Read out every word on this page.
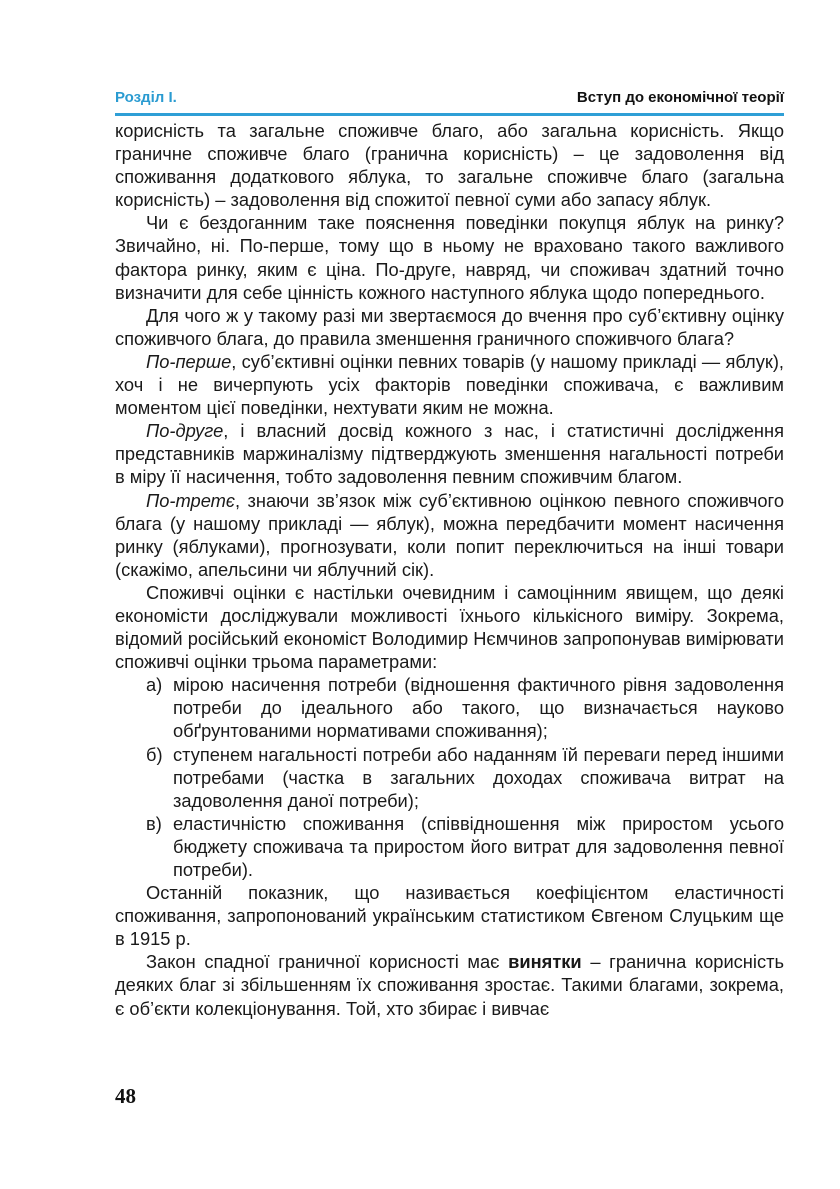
Розділ І.	Вступ до економічної теорії

корисність та загальне споживче благо, або загальна корисність. Якщо граничне споживче благо (гранична корисність) – це задоволення від споживання додаткового яблука, то загальне споживче благо (загальна корисність) – задоволення від спожитої певної суми або запасу яблук.

Чи є бездоганним таке пояснення поведінки покупця яблук на ринку? Звичайно, ні. По-перше, тому що в ньому не враховано такого важливого фактора ринку, яким є ціна. По-друге, навряд, чи споживач здатний точно визначити для себе цінність кожного наступного яблука щодо попереднього.

Для чого ж у такому разі ми звертаємося до вчення про суб’єктивну оцінку споживчого блага, до правила зменшення граничного споживчого блага?

По-перше, суб’єктивні оцінки певних товарів (у нашому прикладі — яблук), хоч і не вичерпують усіх факторів поведінки споживача, є важливим моментом цієї поведінки, нехтувати яким не можна.

По-друге, і власний досвід кожного з нас, і статистичні дослідження представників маржиналізму підтверджують зменшення нагальності потреби в міру її насичення, тобто задоволення певним споживчим благом.

По-третє, знаючи зв’язок між суб’єктивною оцінкою певного споживчого блага (у нашому прикладі — яблук), можна передбачити момент насичення ринку (яблуками), прогнозувати, коли попит переключиться на інші товари (скажімо, апельсини чи яблучний сік).

Споживчі оцінки є настільки очевидним і самоцінним явищем, що деякі економісти досліджували можливості їхнього кількісного виміру. Зокрема, відомий російський економіст Володимир Нємчинов запропонував вимірювати споживчі оцінки трьома параметрами:

а) мірою насичення потреби (відношення фактичного рівня задоволення потреби до ідеального або такого, що визначається науково обґрунтованими нормативами споживання);
б) ступенем нагальності потреби або наданням їй переваги перед іншими потребами (частка в загальних доходах споживача витрат на задоволення даної потреби);
в) еластичністю споживання (співвідношення між приростом усього бюджету споживача та приростом його витрат для задоволення певної потреби).

Останній показник, що називається коефіцієнтом еластичності споживання, запропонований українським статистиком Євгеном Слуцьким ще в 1915 р.

Закон спадної граничної корисності має винятки – гранична корисність деяких благ зі збільшенням їх споживання зростає. Такими благами, зокрема, є об’єкти колекціонування. Той, хто збирає і вивчає

48
